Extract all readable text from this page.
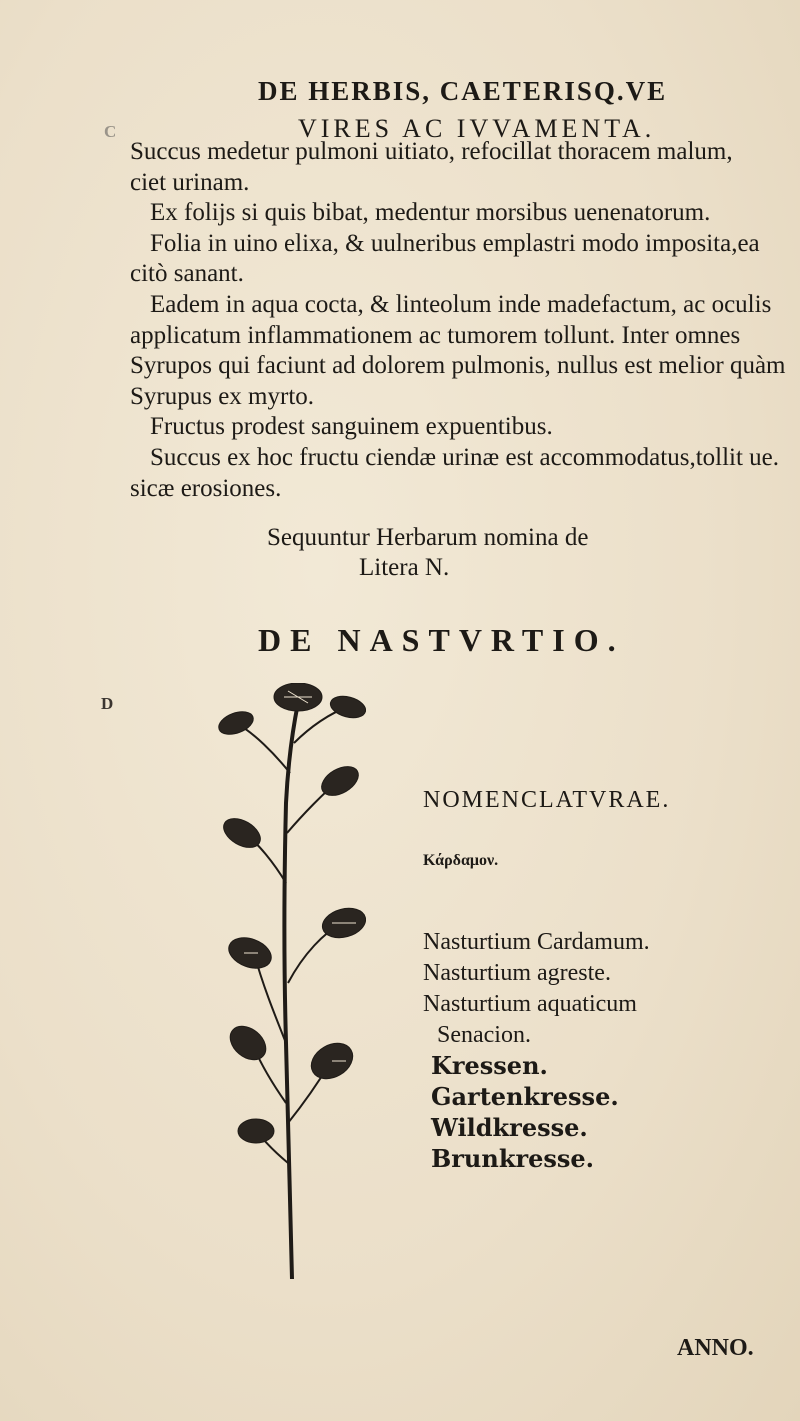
DE HERBIS, CAETERISQ.VE
VIRES AC IVVAMENTA.
C
D
Succus medetur pulmoni uitiato, refocillat thoracem malum,
ciet urinam.
Ex folijs si quis bibat, medentur morsibus uenenatorum.
Folia in uino elixa, & uulneribus emplastri modo imposita,ea
citò sanant.
Eadem in aqua cocta, & linteolum inde madefactum, ac oculis
applicatum inflammationem ac tumorem tollunt. Inter omnes
Syrupos qui faciunt ad dolorem pulmonis, nullus est melior quàm
Syrupus ex myrto.
Fructus prodest sanguinem expuentibus.
Succus ex hoc fructu ciendæ urinæ est accommodatus,tollit ue.
sicæ erosiones.
Sequuntur Herbarum nomina de
Litera N.
DE NASTVRTIO.
NOMENCLATVRAE.
Κάρδαμον.
Nasturtium Cardamum.
Nasturtium agreste.
Nasturtium aquaticum
Senacion.
Kressen.
Gartenkresse.
Wildkresse.
Brunkresse.
ANNO.
